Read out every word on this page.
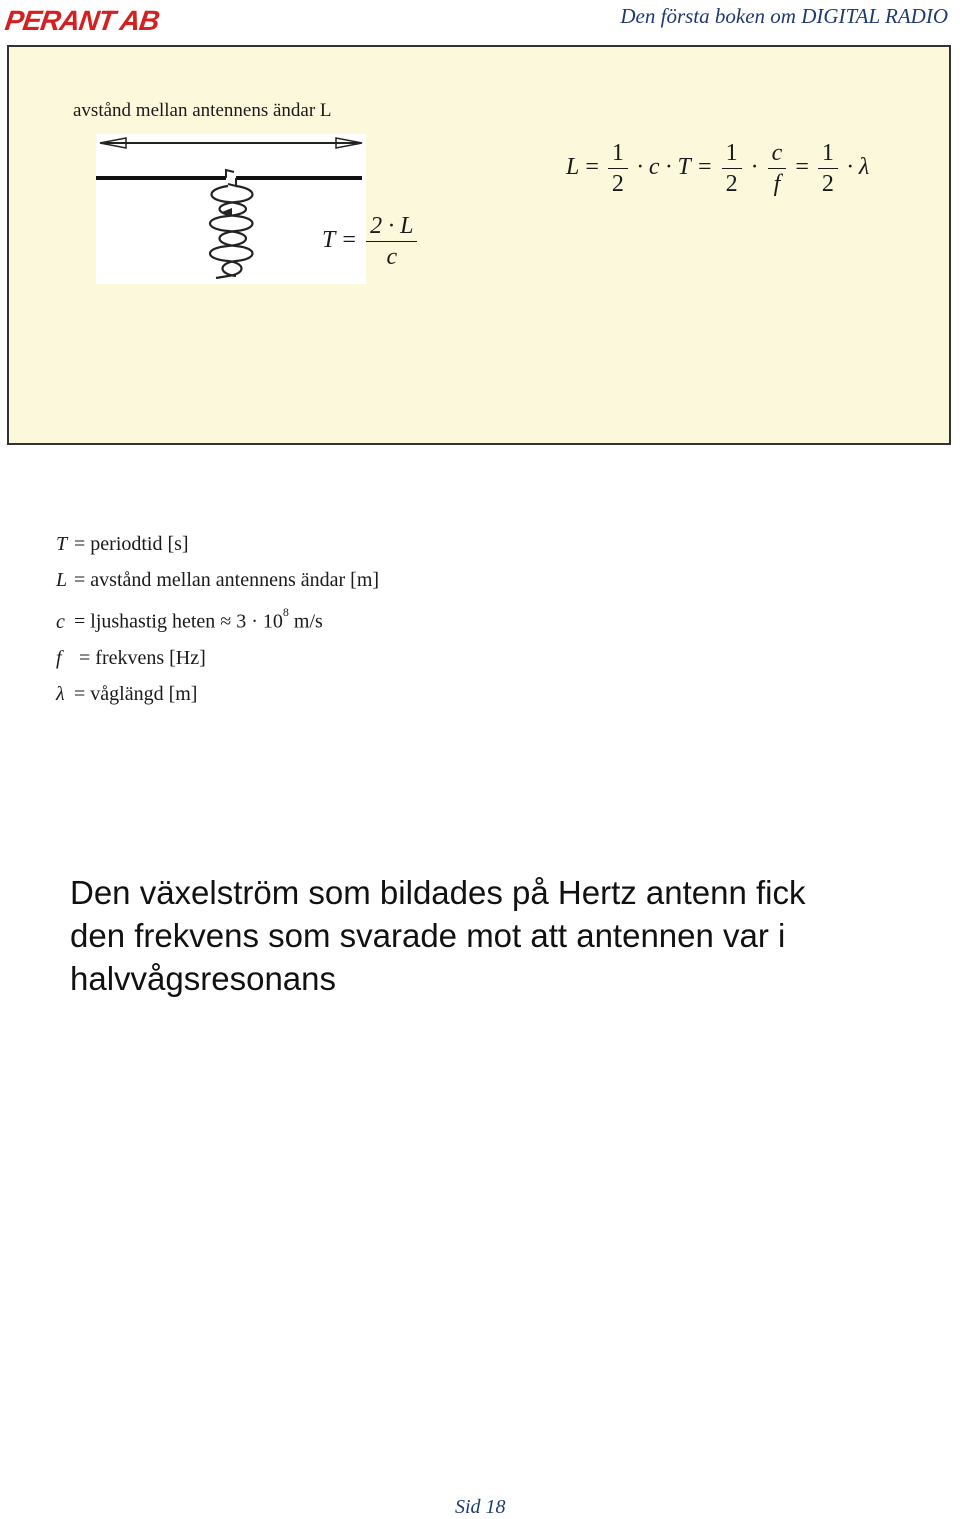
PERANT AB	Den första boken om DIGITAL RADIO
avstånd mellan antennens ändar L
$L = \frac{1}{2} \cdot c \cdot T = \frac{1}{2} \cdot \frac{c}{f} = \frac{1}{2} \cdot \lambda$
$T = \frac{2 \cdot L}{c}$
T = periodtid [s]
L = avstånd mellan antennens ändar [m]
c = ljushastig heten ≈ $3 \cdot 10^8$ m/s
f = frekvens [Hz]
λ = våglängd [m]
Den växelström som bildades på Hertz antenn fick
den frekvens som svarade mot att antennen var i
halvvågsresonans
Sid 18
